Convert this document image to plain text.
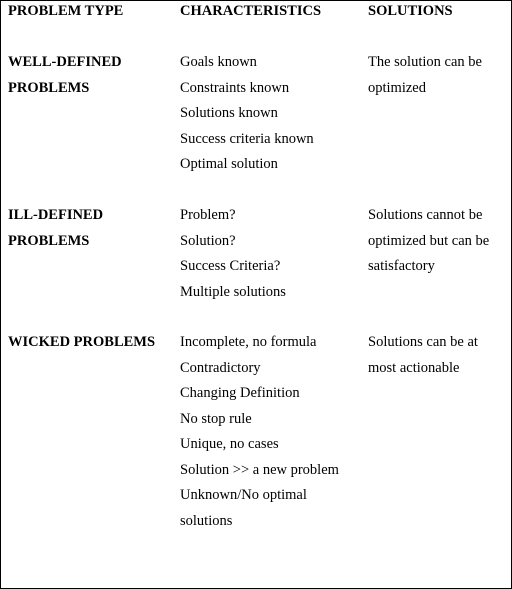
PROBLEM TYPE	CHARACTERISTICS	SOLUTIONS
WELL-DEFINED
PROBLEMS
Goals known
Constraints known
Solutions known
Success criteria known
Optimal solution
The solution can be
optimized
ILL-DEFINED
PROBLEMS
Problem?
Solution?
Success Criteria?
Multiple solutions
Solutions cannot be
optimized but can be
satisfactory
WICKED PROBLEMS Incomplete, no formula
Contradictory
Changing Definition
No stop rule
Unique, no cases
Solution >> a new problem
Unknown/No optimal
solutions
Solutions can be at
most actionable
